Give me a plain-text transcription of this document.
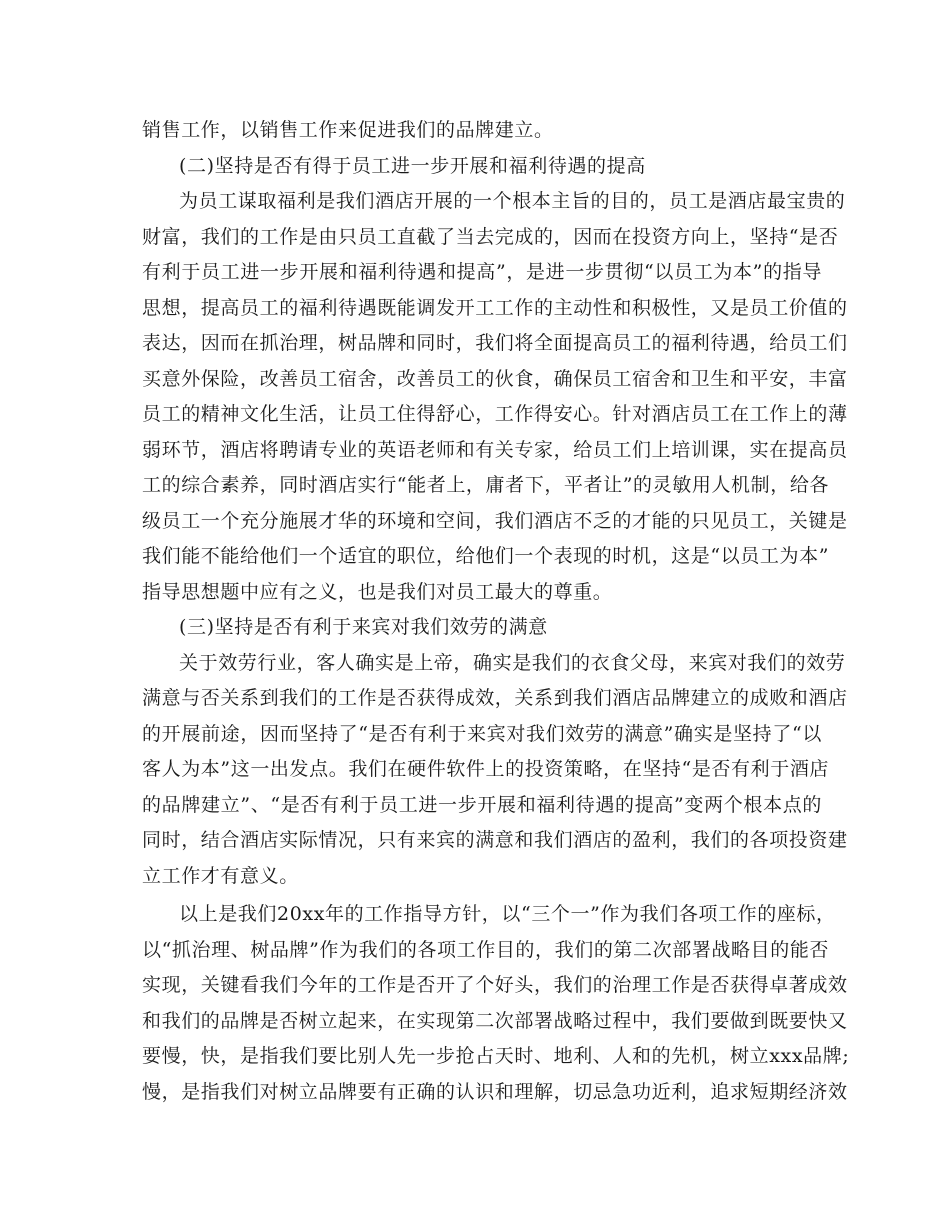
销售工作，以销售工作来促进我们的品牌建立。
(二)坚持是否有得于员工进一步开展和福利待遇的提高
为员工谋取福利是我们酒店开展的一个根本主旨的目的，员工是酒店最宝贵的
财富，我们的工作是由只员工直截了当去完成的，因而在投资方向上，坚持“是否
有利于员工进一步开展和福利待遇和提高”，是进一步贯彻“以员工为本”的指导
思想，提高员工的福利待遇既能调发开工工作的主动性和积极性，又是员工价值的
表达，因而在抓治理，树品牌和同时，我们将全面提高员工的福利待遇，给员工们
买意外保险，改善员工宿舍，改善员工的伙食，确保员工宿舍和卫生和平安，丰富
员工的精神文化生活，让员工住得舒心，工作得安心。针对酒店员工在工作上的薄
弱环节，酒店将聘请专业的英语老师和有关专家，给员工们上培训课，实在提高员
工的综合素养，同时酒店实行“能者上，庸者下，平者让”的灵敏用人机制，给各
级员工一个充分施展才华的环境和空间，我们酒店不乏的才能的只见员工，关键是
我们能不能给他们一个适宜的职位，给他们一个表现的时机，这是“以员工为本”
指导思想题中应有之义，也是我们对员工最大的尊重。
(三)坚持是否有利于来宾对我们效劳的满意
关于效劳行业，客人确实是上帝，确实是我们的衣食父母，来宾对我们的效劳
满意与否关系到我们的工作是否获得成效，关系到我们酒店品牌建立的成败和酒店
的开展前途，因而坚持了“是否有利于来宾对我们效劳的满意”确实是坚持了“以
客人为本”这一出发点。我们在硬件软件上的投资策略，在坚持“是否有利于酒店
的品牌建立”、“是否有利于员工进一步开展和福利待遇的提高”变两个根本点的
同时，结合酒店实际情况，只有来宾的满意和我们酒店的盈利，我们的各项投资建
立工作才有意义。
以上是我们20xx年的工作指导方针，以“三个一”作为我们各项工作的座标，
以“抓治理、树品牌”作为我们的各项工作目的，我们的第二次部署战略目的能否
实现，关键看我们今年的工作是否开了个好头，我们的治理工作是否获得卓著成效
和我们的品牌是否树立起来，在实现第二次部署战略过程中，我们要做到既要快又
要慢，快，是指我们要比别人先一步抢占天时、地利、人和的先机，树立xxx品牌;
慢，是指我们对树立品牌要有正确的认识和理解，切忌急功近利，追求短期经济效
